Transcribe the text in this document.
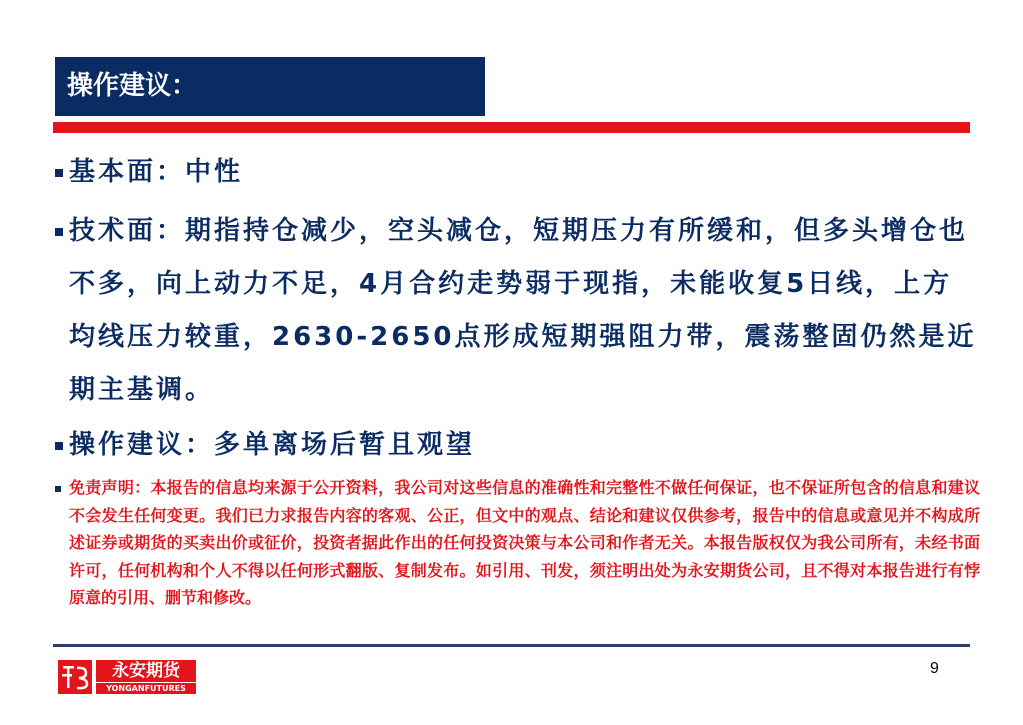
操作建议：
基本面：中性
技术面：期指持仓减少，空头减仓，短期压力有所缓和，但多头增仓也不多，向上动力不足，4月合约走势弱于现指，未能收复5日线，上方均线压力较重，2630-2650点形成短期强阻力带，震荡整固仍然是近期主基调。
操作建议：多单离场后暂且观望
免责声明：本报告的信息均来源于公开资料，我公司对这些信息的准确性和完整性不做任何保证，也不保证所包含的信息和建议 不会发生任何变更。我们已力求报告内容的客观、公正，但文中的观点、结论和建议仅供参考，报告中的信息或意见并不构成所述证券或期货的买卖出价或征价，投资者据此作出的任何投资决策与本公司和作者无关。本报告版权仅为我公司所有，未经书面许可，任何机构和个人不得以任何形式翻版、复制发布。如引用、刊发，须注明出处为永安期货公司，且不得对本报告进行有悖原意的引用、删节和修改。
永安期货
YONGANFUTURES
9
